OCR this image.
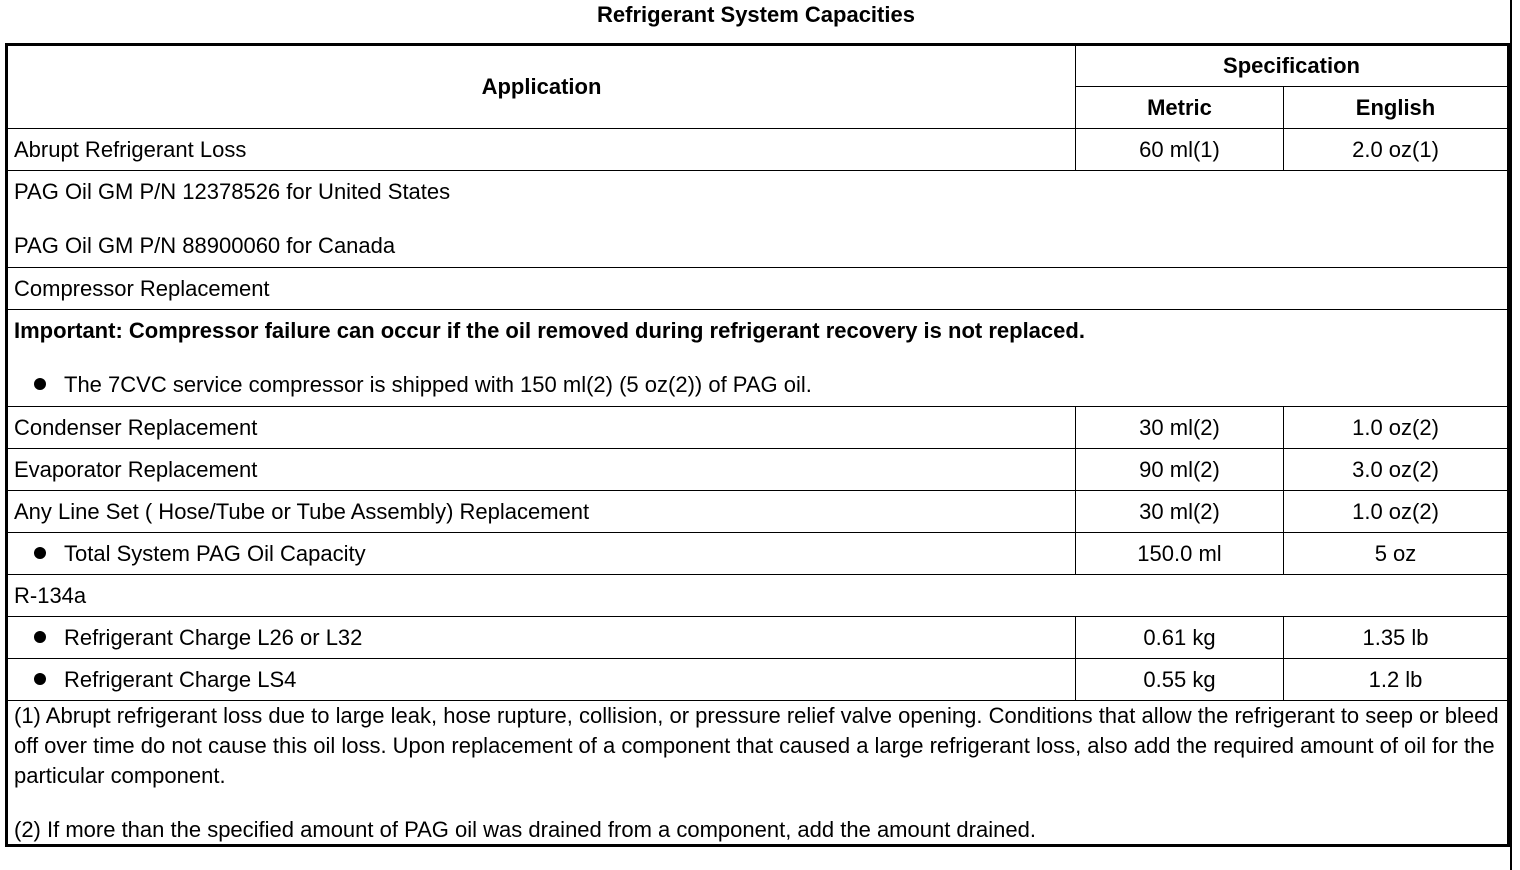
Refrigerant System Capacities
Application	Specification	
	Metric	English
Abrupt Refrigerant Loss	60 ml(1)	2.0 oz(1)

PAG Oil GM P/N 12378526 for United States

PAG Oil GM P/N 88900060 for Canada		

Compressor Replacement		

Important: Compressor failure can occur if the oil removed during refrigerant recovery is not replaced.

The 7CVC service compressor is shipped with 150 ml(2) (5 oz(2)) of PAG oil.		

Condenser Replacement	30 ml(2)	1.0 oz(2)
Evaporator Replacement	90 ml(2)	3.0 oz(2)
Any Line Set ( Hose/Tube or Tube Assembly) Replacement	30 ml(2)	1.0 oz(2)
Total System PAG Oil Capacity	150.0 ml	5 oz
R-134a		
Refrigerant Charge L26 or L32	0.61 kg	1.35 lb
Refrigerant Charge LS4	0.55 kg	1.2 lb

(1) Abrupt refrigerant loss due to large leak, hose rupture, collision, or pressure relief valve opening. Conditions that allow the refrigerant to seep or bleed off over time do not cause this oil loss. Upon replacement of a component that caused a large refrigerant loss, also add the required amount of oil for the particular component.

(2) If more than the specified amount of PAG oil was drained from a component, add the amount drained.		
